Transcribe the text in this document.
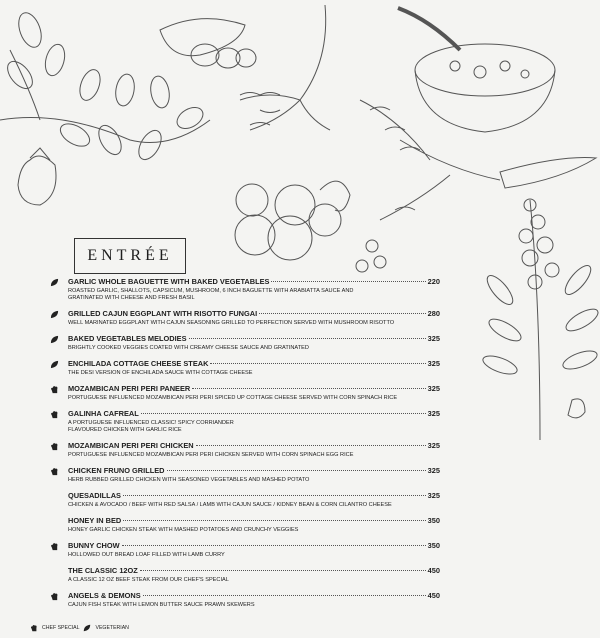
ENTRÉE
GARLIC WHOLE BAGUETTE WITH BAKED VEGETABLES	220
ROASTED GARLIC, SHALLOTS, CAPSICUM, MUSHROOM, 6 INCH BAGUETTE WITH ARABIATTA SAUCE AND
GRATINATED WITH CHEESE AND FRESH BASIL
GRILLED CAJUN EGGPLANT WITH RISOTTO FUNGAI	280
WELL MARINATED EGGPLANT WITH CAJUN SEASONING GRILLED TO PERFECTION SERVED WITH MUSHROOM RISOTTO
BAKED VEGETABLES MELODIES	325
BRIGHTLY COOKED VEGGIES COATED WITH CREAMY CHEESE SAUCE AND GRATINATED
ENCHILADA COTTAGE CHEESE STEAK	325
THE DESI VERSION OF ENCHILADA SAUCE WITH COTTAGE CHEESE
MOZAMBICAN PERI PERI PANEER	325
PORTUGUESE INFLUENCED MOZAMBICAN PERI PERI SPICED UP COTTAGE CHEESE SERVED WITH CORN SPINACH RICE
GALINHA CAFREAL	325
A PORTUGUESE INFLUENCED CLASSIC! SPICY CORRIANDER
FLAVOURED CHICKEN WITH GARLIC RICE
MOZAMBICAN PERI PERI CHICKEN	325
PORTUGUESE INFLUENCED MOZAMBICAN PERI PERI CHICKEN SERVED WITH CORN SPINACH EGG RICE
CHICKEN FRUNO GRILLED	325
HERB RUBBED GRILLED CHICKEN WITH SEASONED VEGETABLES AND MASHED POTATO
QUESADILLAS	325
CHICKEN & AVOCADO / BEEF WITH RED SALSA / LAMB WITH CAJUN SAUCE / KIDNEY BEAN & CORN CILANTRO CHEESE
HONEY IN BED	350
HONEY GARLIC CHICKEN STEAK WITH MASHED POTATOES AND CRUNCHY VEGGIES
BUNNY CHOW	350
HOLLOWED OUT BREAD LOAF FILLED WITH LAMB CURRY
THE CLASSIC 12OZ	450
A CLASSIC 12 OZ BEEF STEAK FROM OUR CHEF'S SPECIAL
ANGELS & DEMONS	450
CAJUN FISH STEAK WITH LEMON BUTTER SAUCE PRAWN SKEWERS
CHEF SPECIAL	VEGETERIAN
